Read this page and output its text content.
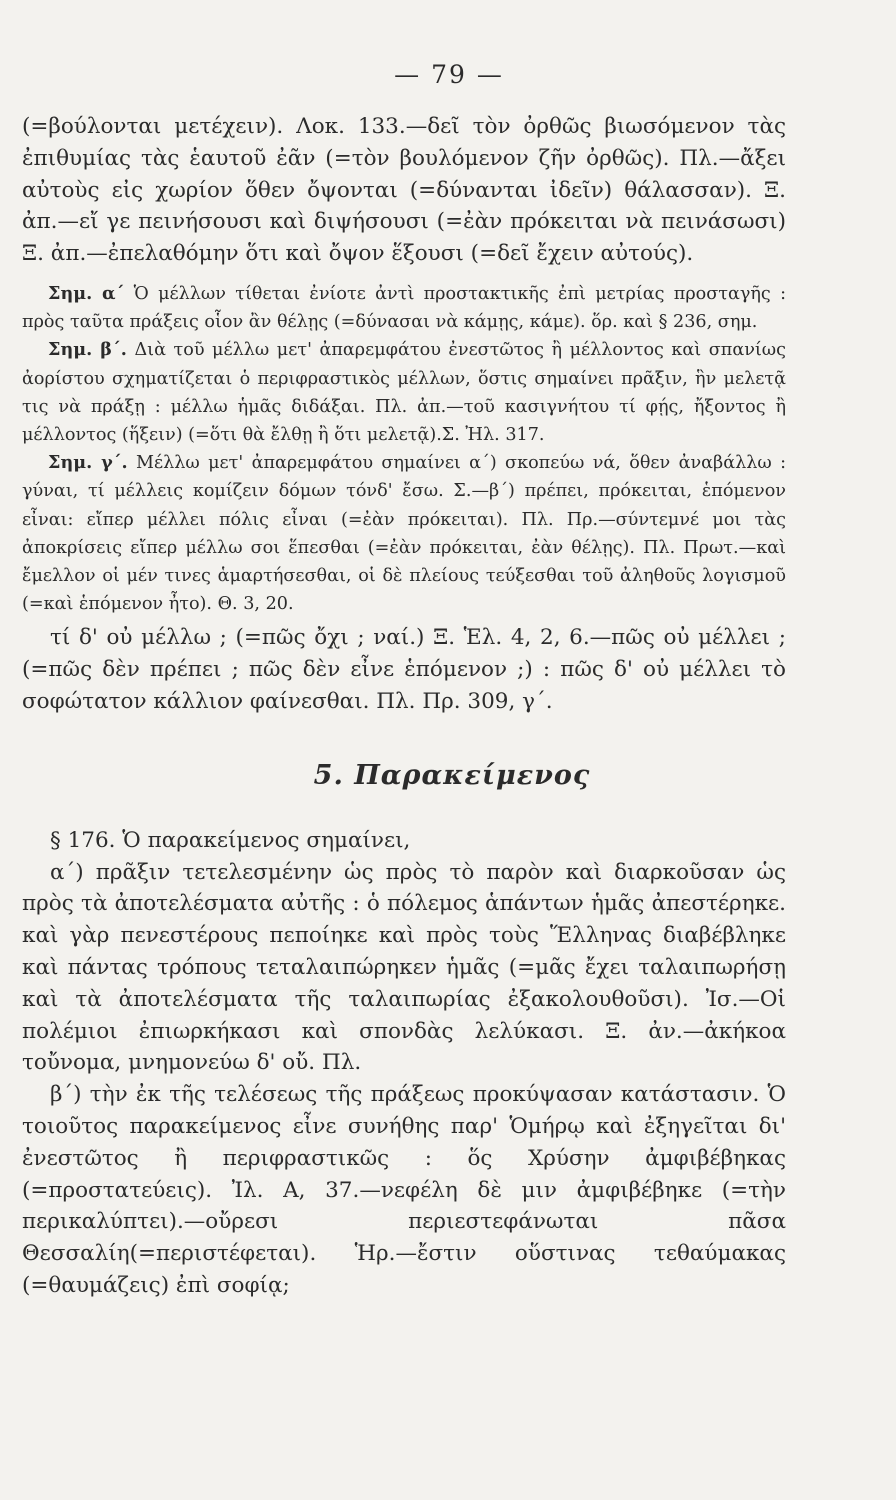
— 79 —

(=βούλονται μετέχειν). Λοκ. 133.—δεῖ τὸν ὀρθῶς βιωσόμενον τὰς ἐπιθυμίας τὰς ἑαυτοῦ ἐᾶν (=τὸν βουλόμενον ζῆν ὀρθῶς). Πλ.—ἄξει αὐτοὺς εἰς χωρίον ὅθεν ὄψονται (=δύνανται ἰδεῖν) θάλασσαν). Ξ. ἀπ.—εἴ γε πεινήσουσι καὶ διψήσουσι (=ἐὰν πρόκειται νὰ πεινάσωσι) Ξ. ἀπ.—ἐπελαθόμην ὅτι καὶ ὄψον ἕξουσι (=δεῖ ἔχειν αὐτούς).

Σημ. α΄ Ὁ μέλλων τίθεται ἐνίοτε ἀντὶ προστακτικῆς ἐπὶ μετρίας προσταγῆς : πρὸς ταῦτα πράξεις οἷον ἂν θέλῃς (=δύνασαι νὰ κάμῃς, κάμε). ὅρ. καὶ § 236, σημ.

Σημ. β΄. Διὰ τοῦ μέλλω μετ' ἀπαρεμφάτου ἐνεστῶτος ἢ μέλλοντος καὶ σπανίως ἀορίστου σχηματίζεται ὁ περιφραστικὸς μέλλων, ὅστις σημαίνει πρᾶξιν, ἣν μελετᾷ τις νὰ πράξῃ : μέλλω ἡμᾶς διδάξαι. Πλ. ἀπ.—τοῦ κασιγνήτου τί φῄς, ἤξοντος ἢ μέλλοντος (ἥξειν) (=ὅτι θὰ ἔλθῃ ἢ ὅτι μελετᾷ).Σ. Ἠλ. 317.

Σημ. γ΄. Μέλλω μετ' ἀπαρεμφάτου σημαίνει α΄) σκοπεύω νά, ὅθεν ἀναβάλλω : γύναι, τί μέλλεις κομίζειν δόμων τόνδ' ἔσω. Σ.—β΄) πρέπει, πρόκειται, ἑπόμενον εἶναι: εἴπερ μέλλει πόλις εἶναι (=ἐὰν πρόκειται). Πλ. Πρ.—σύντεμνέ μοι τὰς ἀποκρίσεις εἴπερ μέλλω σοι ἕπεσθαι (=ἐὰν πρόκειται, ἐὰν θέλῃς). Πλ. Πρωτ.—καὶ ἔμελλον οἱ μέν τινες ἁμαρτήσεσθαι, οἱ δὲ πλείους τεύξεσθαι τοῦ ἀληθοῦς λογισμοῦ (=καὶ ἑπόμενον ἦτο). Θ. 3, 20.

τί δ' οὐ μέλλω ; (=πῶς ὄχι ; ναί.) Ξ. Ἑλ. 4, 2, 6.—πῶς οὐ μέλλει ; (=πῶς δὲν πρέπει ; πῶς δὲν εἶνε ἑπόμενον ;) : πῶς δ' οὐ μέλλει τὸ σοφώτατον κάλλιον φαίνεσθαι. Πλ. Πρ. 309, γ΄.

5. Παρακείμενος

§ 176. Ὁ παρακείμενος σημαίνει,

α΄) πρᾶξιν τετελεσμένην ὡς πρὸς τὸ παρὸν καὶ διαρκοῦσαν ὡς πρὸς τὰ ἀποτελέσματα αὐτῆς : ὁ πόλεμος ἁπάντων ἡμᾶς ἀπεστέρηκε. καὶ γὰρ πενεστέρους πεποίηκε καὶ πρὸς τοὺς Ἕλληνας διαβέβληκε καὶ πάντας τρόπους τεταλαιπώρηκεν ἡμᾶς (=μᾶς ἔχει ταλαιπωρήσῃ καὶ τὰ ἀποτελέσματα τῆς ταλαιπωρίας ἐξακολουθοῦσι). Ἰσ.—Οἱ πολέμιοι ἐπιωρκήκασι καὶ σπονδὰς λελύκασι. Ξ. ἀν.—ἀκήκοα τοὔνομα, μνημονεύω δ' οὔ. Πλ.

β΄) τὴν ἐκ τῆς τελέσεως τῆς πράξεως προκύψασαν κατάστασιν. Ὁ τοιοῦτος παρακείμενος εἶνε συνήθης παρ' Ὁμήρῳ καὶ ἐξηγεῖται δι' ἐνεστῶτος ἢ περιφραστικῶς : ὅς Χρύσην ἀμφιβέβηκας (=προστατεύεις). Ἰλ. Α, 37.—νεφέλη δὲ μιν ἀμφιβέβηκε (=τὴν περικαλύπτει).—οὔρεσι περιεστεφάνωται πᾶσα Θεσσαλίη(=περιστέφεται). Ἡρ.—ἔστιν οὕστινας τεθαύμακας (=θαυμάζεις) ἐπὶ σοφίᾳ;
